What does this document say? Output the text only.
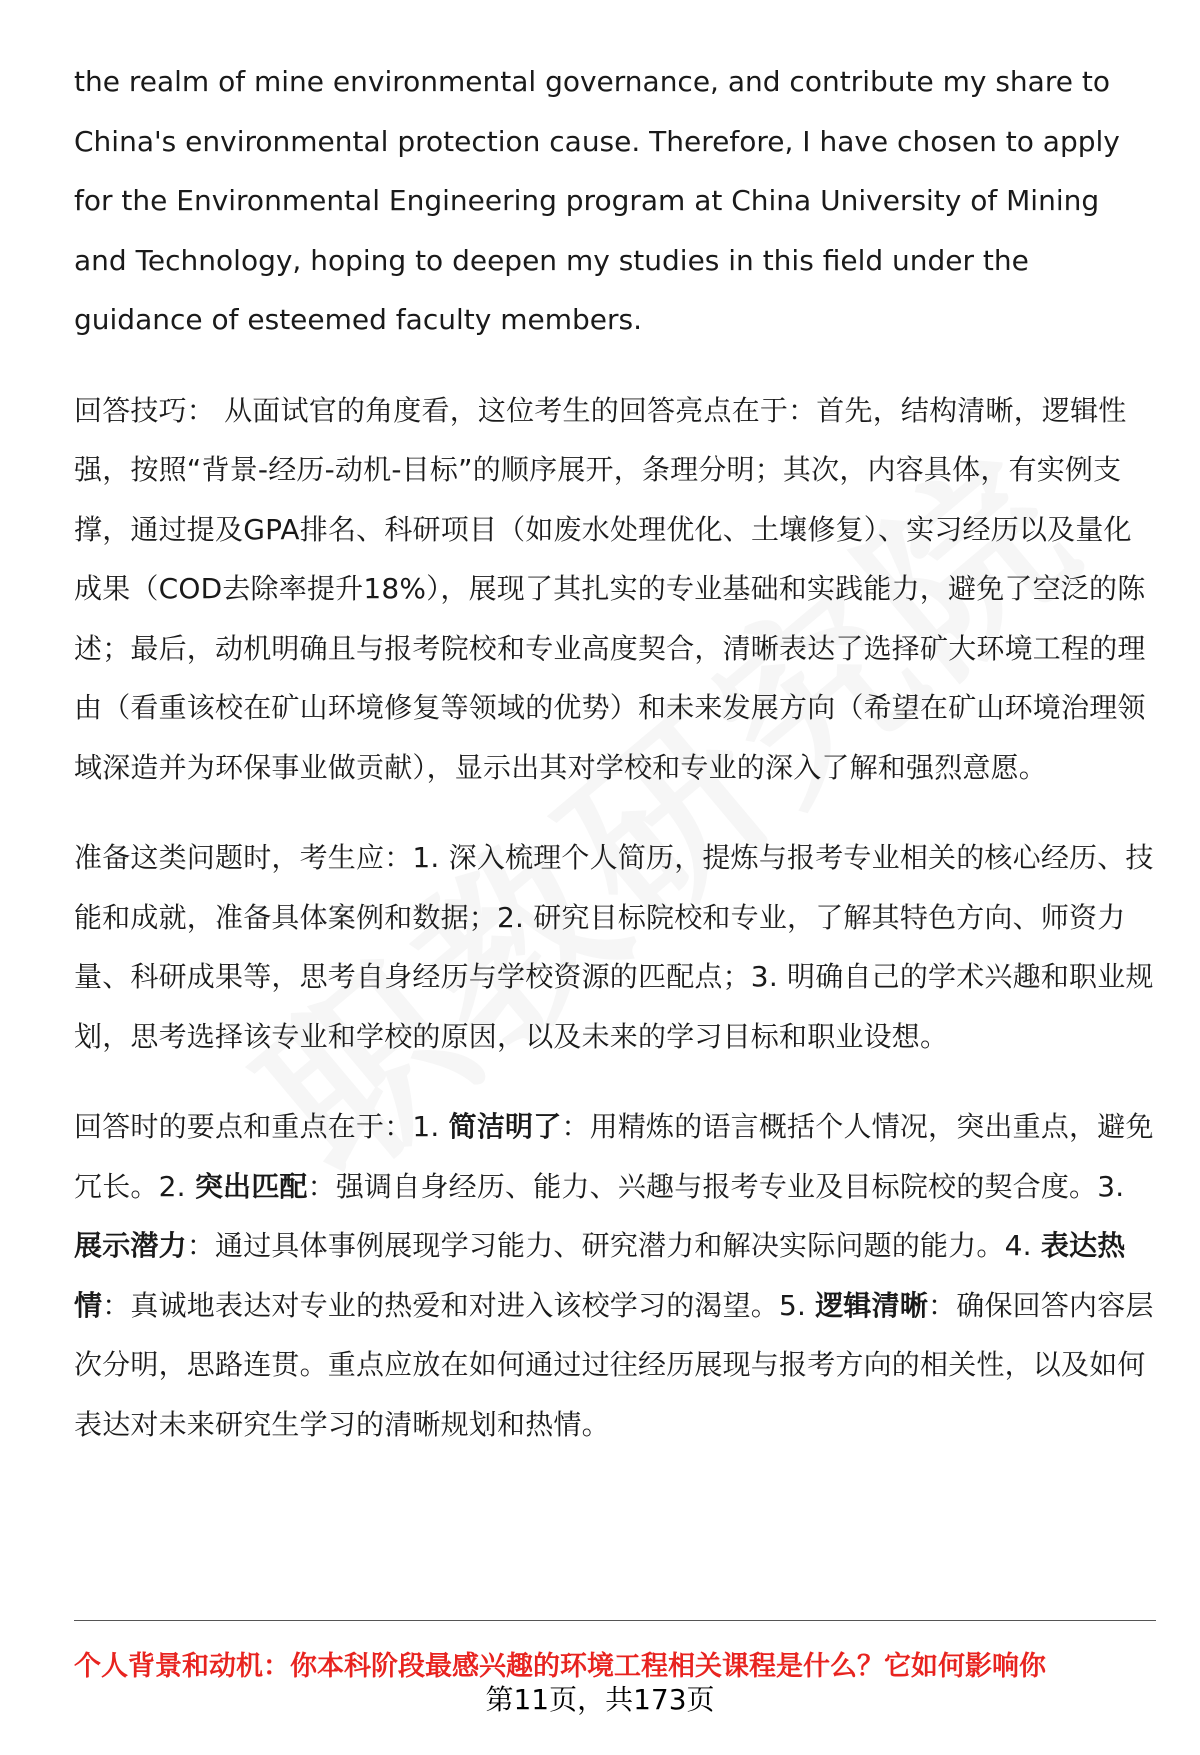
the realm of mine environmental governance, and contribute my share to China's environmental protection cause. Therefore, I have chosen to apply for the Environmental Engineering program at China University of Mining and Technology, hoping to deepen my studies in this field under the guidance of esteemed faculty members.

回答技巧： 从面试官的角度看，这位考生的回答亮点在于：首先，结构清晰，逻辑性强，按照“背景-经历-动机-目标”的顺序展开，条理分明；其次，内容具体，有实例支撑，通过提及GPA排名、科研项目（如废水处理优化、土壤修复）、实习经历以及量化成果（COD去除率提升18%），展现了其扎实的专业基础和实践能力，避免了空泛的陈述；最后，动机明确且与报考院校和专业高度契合，清晰表达了选择矿大环境工程的理由（看重该校在矿山环境修复等领域的优势）和未来发展方向（希望在矿山环境治理领域深造并为环保事业做贡献），显示出其对学校和专业的深入了解和强烈意愿。

准备这类问题时，考生应：1. 深入梳理个人简历，提炼与报考专业相关的核心经历、技能和成就，准备具体案例和数据；2. 研究目标院校和专业，了解其特色方向、师资力量、科研成果等，思考自身经历与学校资源的匹配点；3. 明确自己的学术兴趣和职业规划，思考选择该专业和学校的原因，以及未来的学习目标和职业设想。

回答时的要点和重点在于：1. 简洁明了：用精炼的语言概括个人情况，突出重点，避免冗长。2. 突出匹配：强调自身经历、能力、兴趣与报考专业及目标院校的契合度。3. 展示潜力：通过具体事例展现学习能力、研究潜力和解决实际问题的能力。4. 表达热情：真诚地表达对专业的热爱和对进入该校学习的渴望。5. 逻辑清晰：确保回答内容层次分明，思路连贯。重点应放在如何通过过往经历展现与报考方向的相关性，以及如何表达对未来研究生学习的清晰规划和热情。

个人背景和动机：你本科阶段最感兴趣的环境工程相关课程是什么？它如何影响你
第11页，共173页
